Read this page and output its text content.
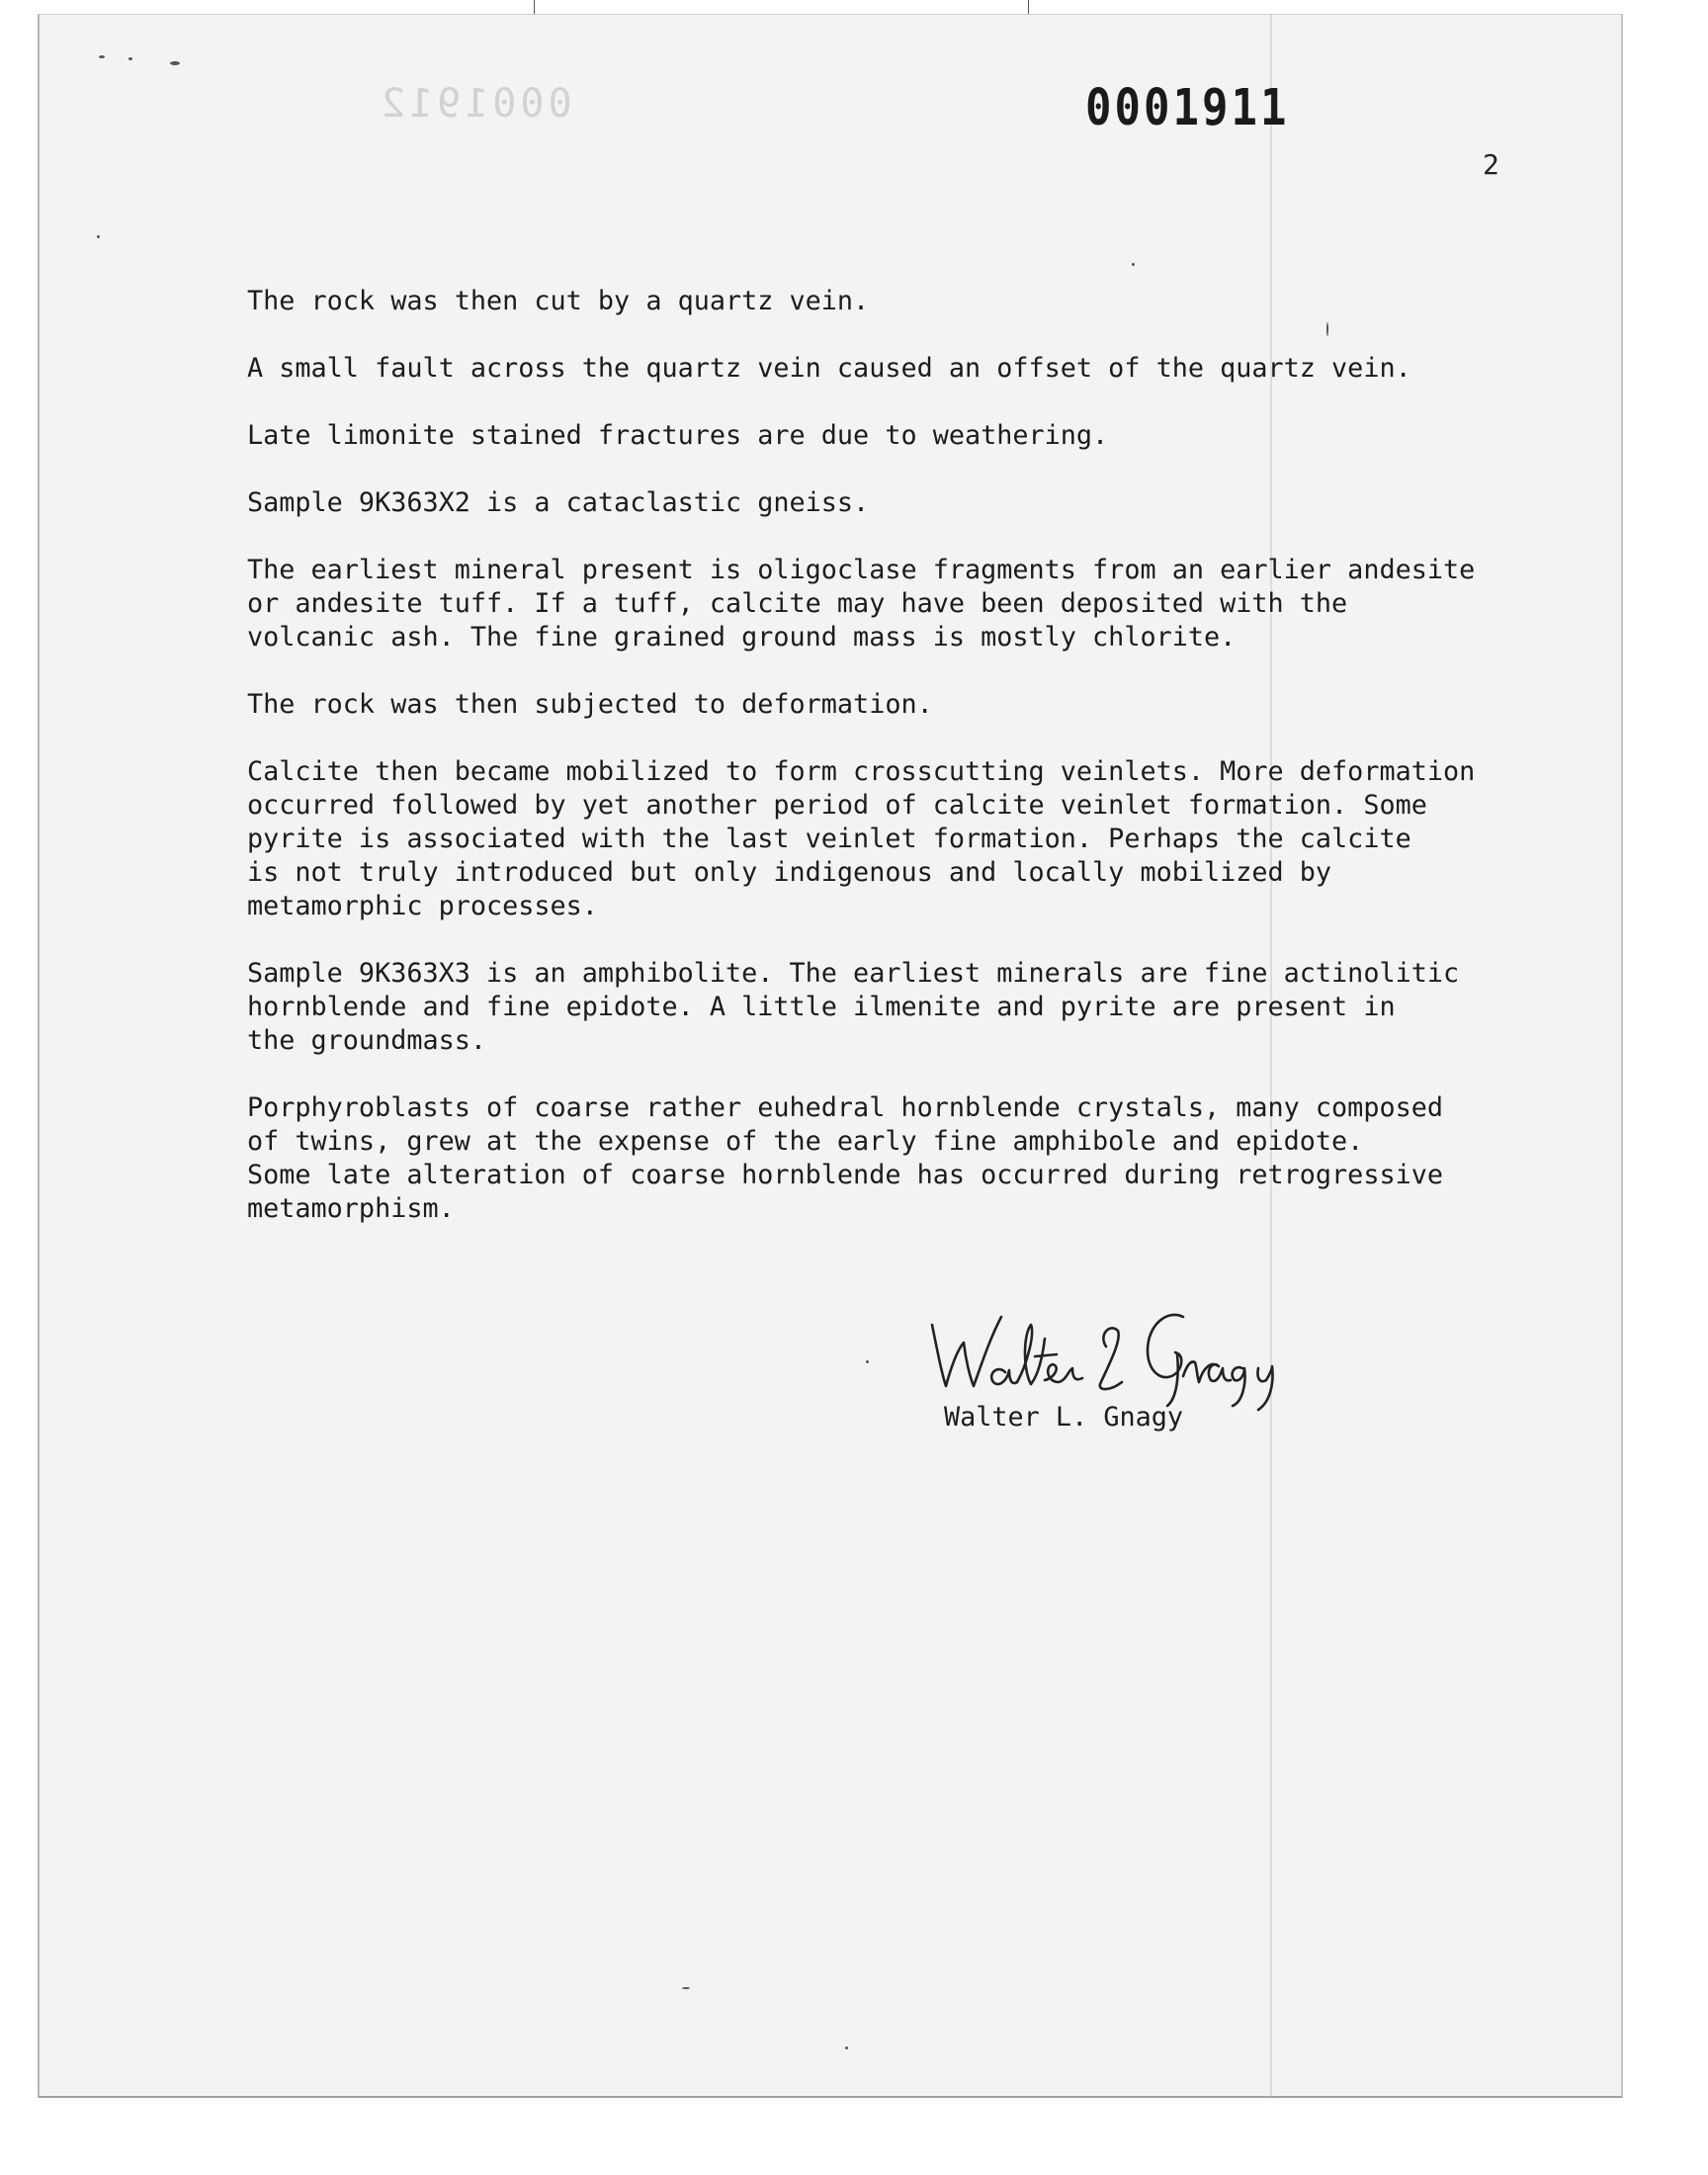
0001912	0001911
2

The rock was then cut by a quartz vein.

A small fault across the quartz vein caused an offset of the quartz vein.

Late limonite stained fractures are due to weathering.

Sample 9K363X2 is a cataclastic gneiss.

The earliest mineral present is oligoclase fragments from an earlier andesite
or andesite tuff. If a tuff, calcite may have been deposited with the
volcanic ash. The fine grained ground mass is mostly chlorite.

The rock was then subjected to deformation.

Calcite then became mobilized to form crosscutting veinlets. More deformation
occurred followed by yet another period of calcite veinlet formation. Some
pyrite is associated with the last veinlet formation. Perhaps the calcite
is not truly introduced but only indigenous and locally mobilized by
metamorphic processes.

Sample 9K363X3 is an amphibolite. The earliest minerals are fine actinolitic
hornblende and fine epidote. A little ilmenite and pyrite are present in
the groundmass.

Porphyroblasts of coarse rather euhedral hornblende crystals, many composed
of twins, grew at the expense of the early fine amphibole and epidote.
Some late alteration of coarse hornblende has occurred during retrogressive
metamorphism.

Walter L. Gnagy
